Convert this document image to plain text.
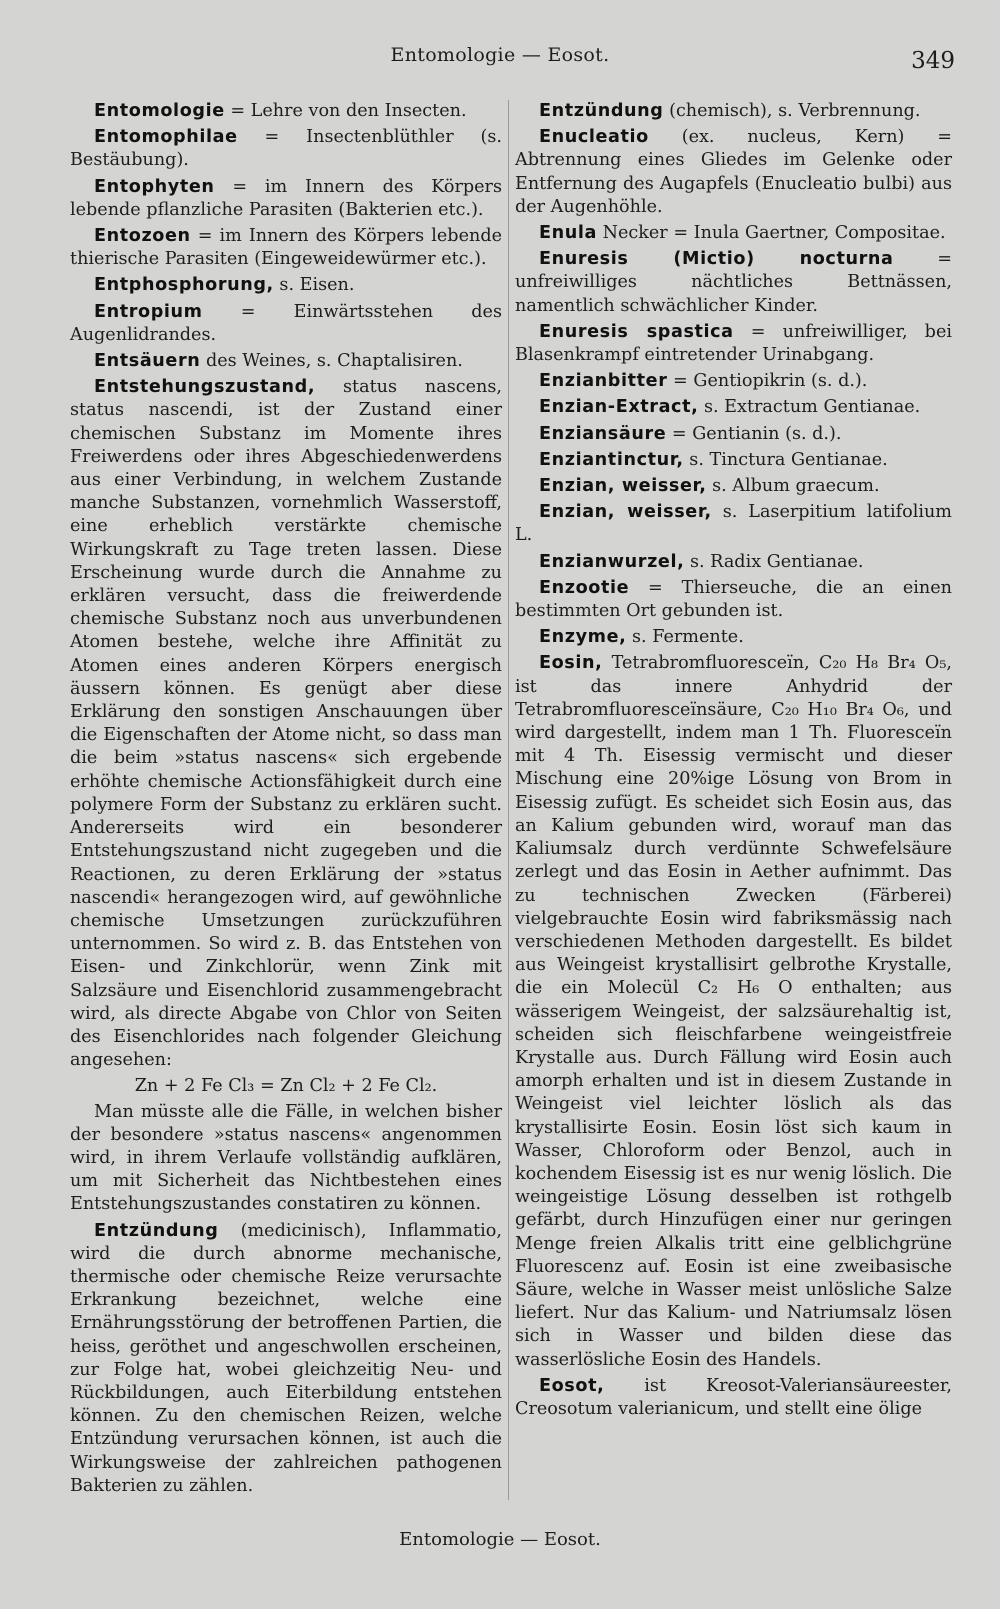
Entomologie — Eosot.	349

Entomologie = Lehre von den Insecten.

Entomophilae = Insectenblüthler (s. Bestäubung).

Entophyten = im Innern des Körpers lebende pflanzliche Parasiten (Bakterien etc.).

Entozoen = im Innern des Körpers lebende thierische Parasiten (Eingeweidewürmer etc.).

Entphosphorung, s. Eisen.

Entropium = Einwärtsstehen des Augenlidrandes.

Entsäuern des Weines, s. Chaptalisiren.

Entstehungszustand, status nascens, status nascendi, ist der Zustand einer chemischen Substanz im Momente ihres Freiwerdens oder ihres Abgeschiedenwerdens aus einer Verbindung, in welchem Zustande manche Substanzen, vornehmlich Wasserstoff, eine erheblich verstärkte chemische Wirkungskraft zu Tage treten lassen. Diese Erscheinung wurde durch die Annahme zu erklären versucht, dass die freiwerdende chemische Substanz noch aus unverbundenen Atomen bestehe, welche ihre Affinität zu Atomen eines anderen Körpers energisch äussern können. Es genügt aber diese Erklärung den sonstigen Anschauungen über die Eigenschaften der Atome nicht, so dass man die beim »status nascens« sich ergebende erhöhte chemische Actionsfähigkeit durch eine polymere Form der Substanz zu erklären sucht. Andererseits wird ein besonderer Entstehungszustand nicht zugegeben und die Reactionen, zu deren Erklärung der »status nascendi« herangezogen wird, auf gewöhnliche chemische Umsetzungen zurückzuführen unternommen. So wird z. B. das Entstehen von Eisen- und Zinkchlorür, wenn Zink mit Salzsäure und Eisenchlorid zusammengebracht wird, als directe Abgabe von Chlor von Seiten des Eisenchlorides nach folgender Gleichung angesehen:

Zn + 2 Fe Cl₃ = Zn Cl₂ + 2 Fe Cl₂.

Man müsste alle die Fälle, in welchen bisher der besondere »status nascens« angenommen wird, in ihrem Verlaufe vollständig aufklären, um mit Sicherheit das Nichtbestehen eines Entstehungszustandes constatiren zu können.

Entzündung (medicinisch), Inflammatio, wird die durch abnorme mechanische, thermische oder chemische Reize verursachte Erkrankung bezeichnet, welche eine Ernährungsstörung der betroffenen Partien, die heiss, geröthet und angeschwollen erscheinen, zur Folge hat, wobei gleichzeitig Neu- und Rückbildungen, auch Eiterbildung entstehen können. Zu den chemischen Reizen, welche Entzündung verursachen können, ist auch die Wirkungsweise der zahlreichen pathogenen Bakterien zu zählen.

Entzündung (chemisch), s. Verbrennung.

Enucleatio (ex. nucleus, Kern) = Abtrennung eines Gliedes im Gelenke oder Entfernung des Augapfels (Enucleatio bulbi) aus der Augenhöhle.

Enula Necker = Inula Gaertner, Compositae.

Enuresis (Mictio) nocturna = unfreiwilliges nächtliches Bettnässen, namentlich schwächlicher Kinder.

Enuresis spastica = unfreiwilliger, bei Blasenkrampf eintretender Urinabgang.

Enzianbitter = Gentiopikrin (s. d.).

Enzian-Extract, s. Extractum Gentianae.

Enziansäure = Gentianin (s. d.).

Enziantinctur, s. Tinctura Gentianae.

Enzian, weisser, s. Album graecum.

Enzian, weisser, s. Laserpitium latifolium L.

Enzianwurzel, s. Radix Gentianae.

Enzootie = Thierseuche, die an einen bestimmten Ort gebunden ist.

Enzyme, s. Fermente.

Eosin, Tetrabromfluoresceïn, C₂₀ H₈ Br₄ O₅, ist das innere Anhydrid der Tetrabromfluoresceïnsäure, C₂₀ H₁₀ Br₄ O₆, und wird dargestellt, indem man 1 Th. Fluoresceïn mit 4 Th. Eisessig vermischt und dieser Mischung eine 20%ige Lösung von Brom in Eisessig zufügt. Es scheidet sich Eosin aus, das an Kalium gebunden wird, worauf man das Kaliumsalz durch verdünnte Schwefelsäure zerlegt und das Eosin in Aether aufnimmt. Das zu technischen Zwecken (Färberei) vielgebrauchte Eosin wird fabriksmässig nach verschiedenen Methoden dargestellt. Es bildet aus Weingeist krystallisirt gelbrothe Krystalle, die ein Molecül C₂ H₆ O enthalten; aus wässerigem Weingeist, der salzsäurehaltig ist, scheiden sich fleischfarbene weingeistfreie Krystalle aus. Durch Fällung wird Eosin auch amorph erhalten und ist in diesem Zustande in Weingeist viel leichter löslich als das krystallisirte Eosin. Eosin löst sich kaum in Wasser, Chloroform oder Benzol, auch in kochendem Eisessig ist es nur wenig löslich. Die weingeistige Lösung desselben ist rothgelb gefärbt, durch Hinzufügen einer nur geringen Menge freien Alkalis tritt eine gelblichgrüne Fluorescenz auf. Eosin ist eine zweibasische Säure, welche in Wasser meist unlösliche Salze liefert. Nur das Kalium- und Natriumsalz lösen sich in Wasser und bilden diese das wasserlösliche Eosin des Handels.

Eosot, ist Kreosot-Valeriansäureester, Creosotum valerianicum, und stellt eine ölige

Entomologie — Eosot.
